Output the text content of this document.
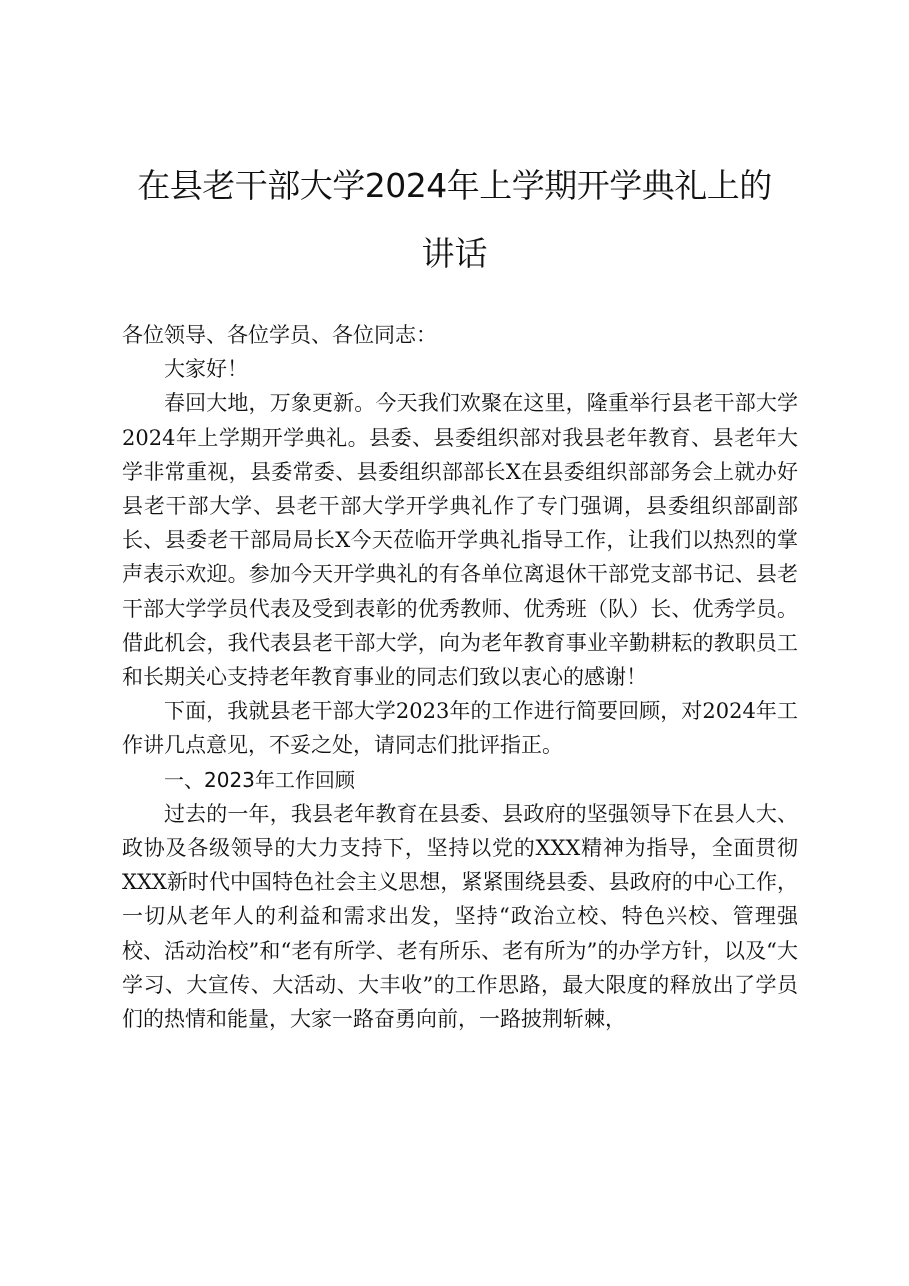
在县老干部大学2024年上学期开学典礼上的
讲话

各位领导、各位学员、各位同志：

大家好！

春回大地，万象更新。今天我们欢聚在这里，隆重举行县老干部大学2024年上学期开学典礼。县委、县委组织部对我县老年教育、县老年大学非常重视，县委常委、县委组织部部长X在县委组织部部务会上就办好县老干部大学、县老干部大学开学典礼作了专门强调，县委组织部副部长、县委老干部局局长X今天莅临开学典礼指导工作，让我们以热烈的掌声表示欢迎。参加今天开学典礼的有各单位离退休干部党支部书记、县老干部大学学员代表及受到表彰的优秀教师、优秀班（队）长、优秀学员。借此机会，我代表县老干部大学，向为老年教育事业辛勤耕耘的教职员工和长期关心支持老年教育事业的同志们致以衷心的感谢！

下面，我就县老干部大学2023年的工作进行简要回顾，对2024年工作讲几点意见，不妥之处，请同志们批评指正。

一、2023年工作回顾

过去的一年，我县老年教育在县委、县政府的坚强领导下在县人大、政协及各级领导的大力支持下，坚持以党的XXX精神为指导，全面贯彻XXX新时代中国特色社会主义思想，紧紧围绕县委、县政府的中心工作，一切从老年人的利益和需求出发，坚持“政治立校、特色兴校、管理强校、活动治校”和“老有所学、老有所乐、老有所为”的办学方针，以及“大学习、大宣传、大活动、大丰收”的工作思路，最大限度的释放出了学员们的热情和能量，大家一路奋勇向前，一路披荆斩棘，
